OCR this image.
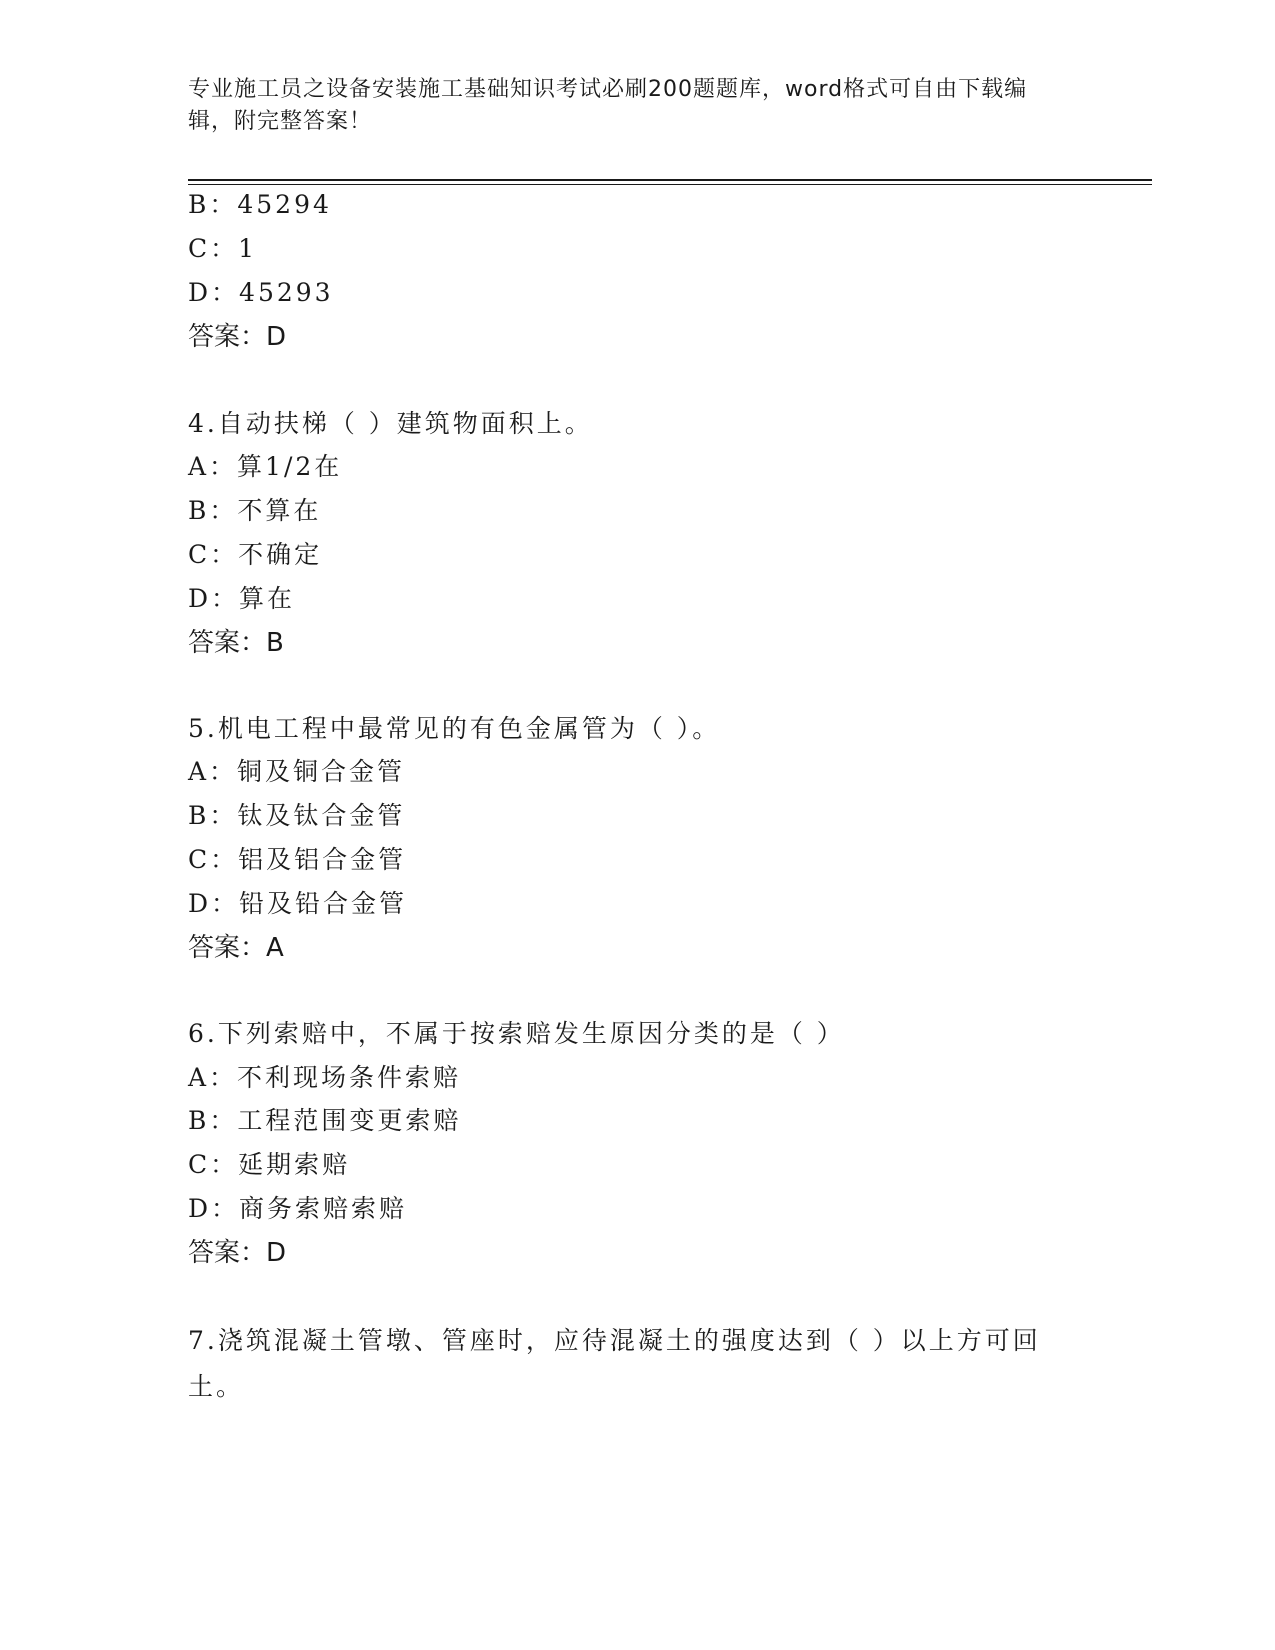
专业施工员之设备安装施工基础知识考试必刷200题题库，word格式可自由下载编辑，附完整答案！
B：45294
C：1
D：45293
答案：D
4.自动扶梯（ ）建筑物面积上。
A：算1/2在
B：不算在
C：不确定
D：算在
答案：B
5.机电工程中最常见的有色金属管为（ ）。
A：铜及铜合金管
B：钛及钛合金管
C：铝及铝合金管
D：铅及铅合金管
答案：A
6.下列索赔中，不属于按索赔发生原因分类的是（ ）
A：不利现场条件索赔
B：工程范围变更索赔
C：延期索赔
D：商务索赔索赔
答案：D
7.浇筑混凝土管墩、管座时，应待混凝土的强度达到（ ）以上方可回土。
